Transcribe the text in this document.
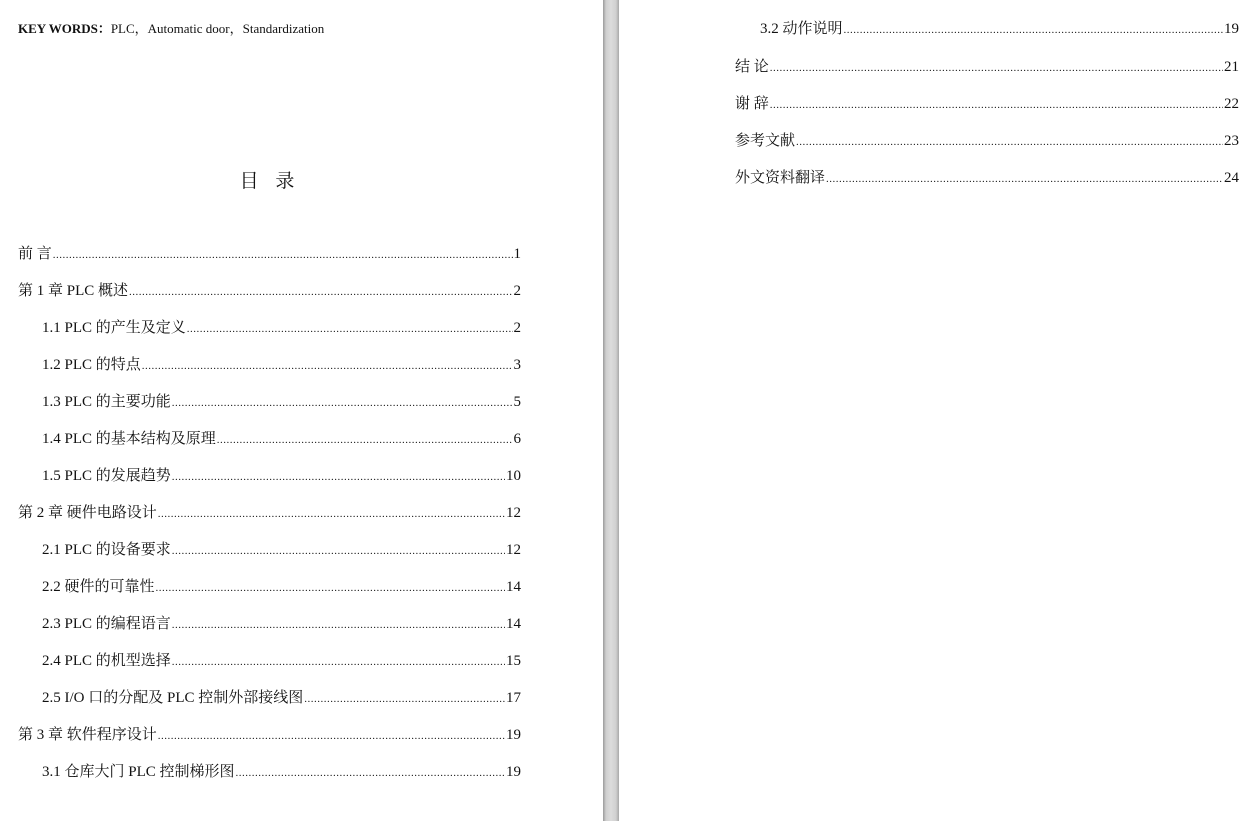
KEY WORDS：PLC，Automatic door，Standardization
目 录
前 言 .....	1
第 1 章 PLC 概述 .....	2
1.1 PLC 的产生及定义 .....	2
1.2 PLC 的特点 .....	3
1.3 PLC 的主要功能 .....	5
1.4 PLC 的基本结构及原理 .....	6
1.5 PLC 的发展趋势 .....	10
第 2 章 硬件电路设计 .....	12
2.1 PLC 的设备要求 .....	12
2.2 硬件的可靠性 .....	14
2.3 PLC 的编程语言 .....	14
2.4 PLC 的机型选择 .....	15
2.5 I/O 口的分配及 PLC 控制外部接线图 .....	17
第 3 章 软件程序设计 .....	19
3.1 仓库大门 PLC 控制梯形图 .....	19
3.2 动作说明 .....	19
结 论 .....	21
谢 辞 .....	22
参考文献 .....	23
外文资料翻译 .....	24
